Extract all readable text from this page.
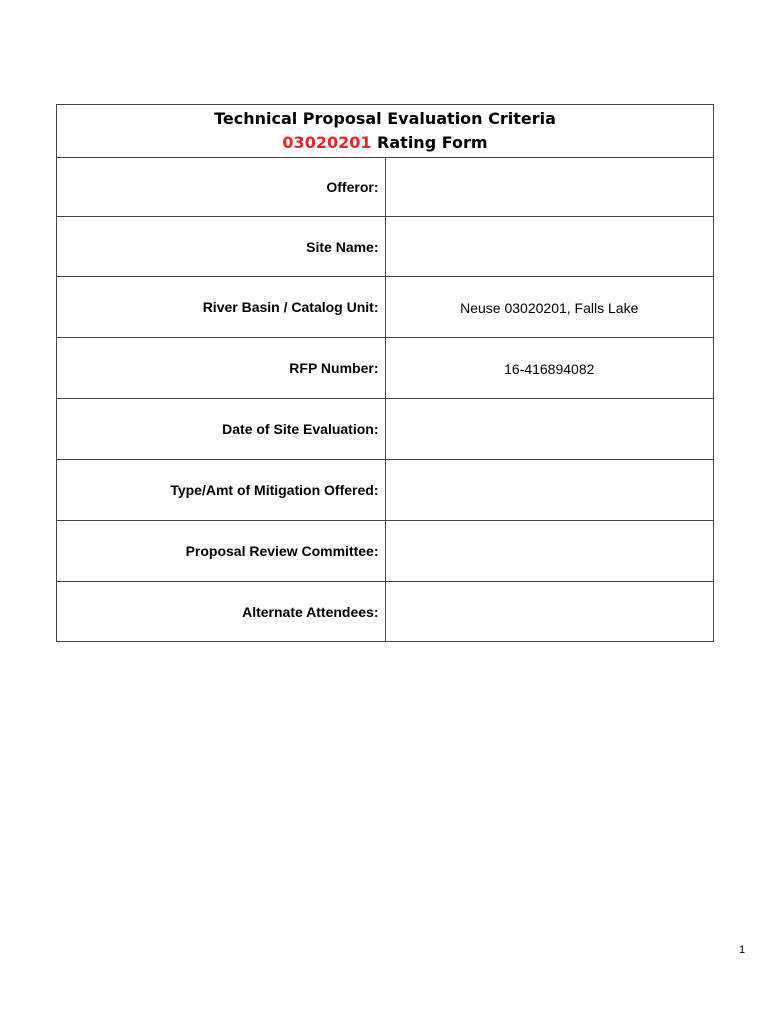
Technical Proposal Evaluation Criteria
03020201 Rating Form	

Offeror:	
Site Name:	
River Basin / Catalog Unit:	Neuse 03020201, Falls Lake
RFP Number:	16-416894082
Date of Site Evaluation:	
Type/Amt of Mitigation Offered:	
Proposal Review Committee:	
Alternate Attendees:	
1
